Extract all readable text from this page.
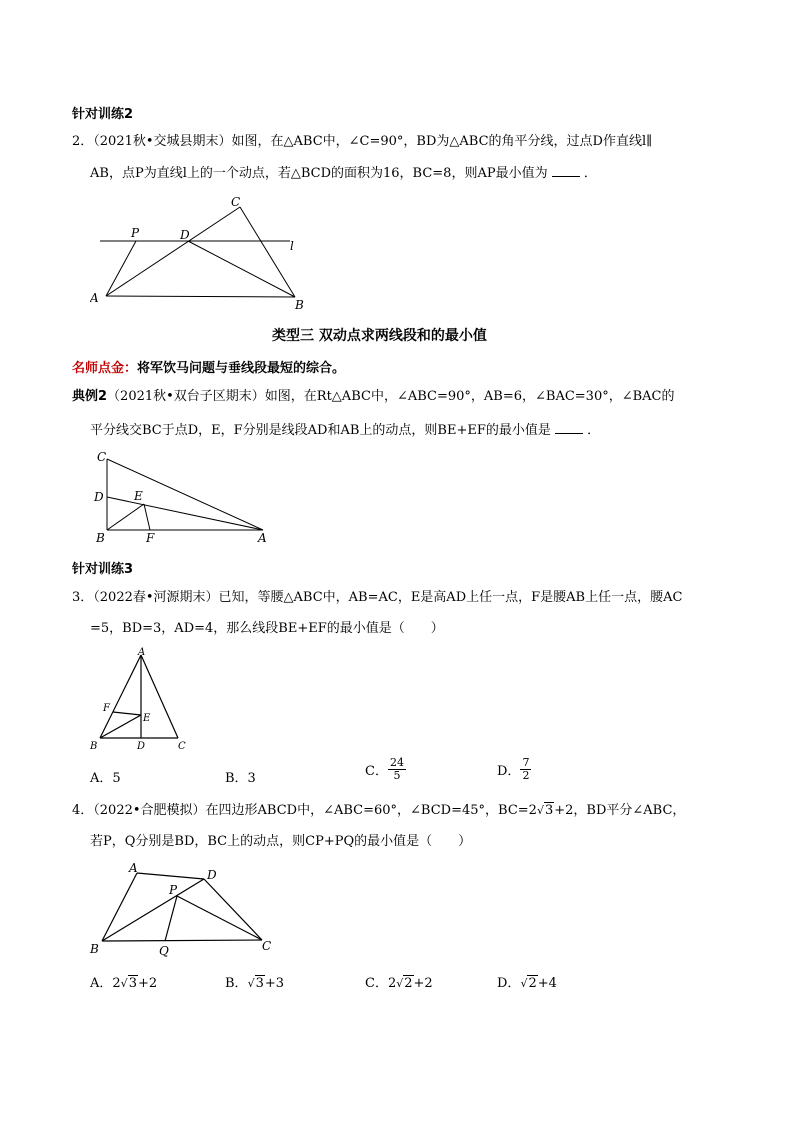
针对训练2
2．（2021秋•交城县期末）如图，在△ABC中，∠C=90°，BD为△ABC的角平分线，过点D作直线l∥
AB，点P为直线l上的一个动点，若△BCD的面积为16，BC=8，则AP最小值为	．
C
P	D
l
A	B
类型三 双动点求两线段和的最小值
名师点金：将军饮马问题与垂线段最短的综合。
典例2（2021秋•双台子区期末）如图，在Rt△ABC中，∠ABC=90°，AB=6，∠BAC=30°，∠BAC的
平分线交BC于点D，E，F分别是线段AD和AB上的动点，则BE+EF的最小值是	．
C
D	E
B	F	A
针对训练3
3．（2022春•河源期末）已知，等腰△ABC中，AB=AC，E是高AD上任一点，F是腰AB上任一点，腰AC
=5，BD=3，AD=4，那么线段BE+EF的最小值是（　　）
A
F
E
B	D	C
A．5	B．3	C． $\frac{24}{5}$	D． $\frac{7}{2}$
4．（2022•合肥模拟）在四边形ABCD中，∠ABC=60°，∠BCD=45°，BC=2√3+2，BD平分∠ABC，
若P，Q分别是BD，BC上的动点，则CP+PQ的最小值是（　　）
A	D
P
B	Q	C
A．2√3+2	B．√3+3	C．2√2+2	D．√2+4
